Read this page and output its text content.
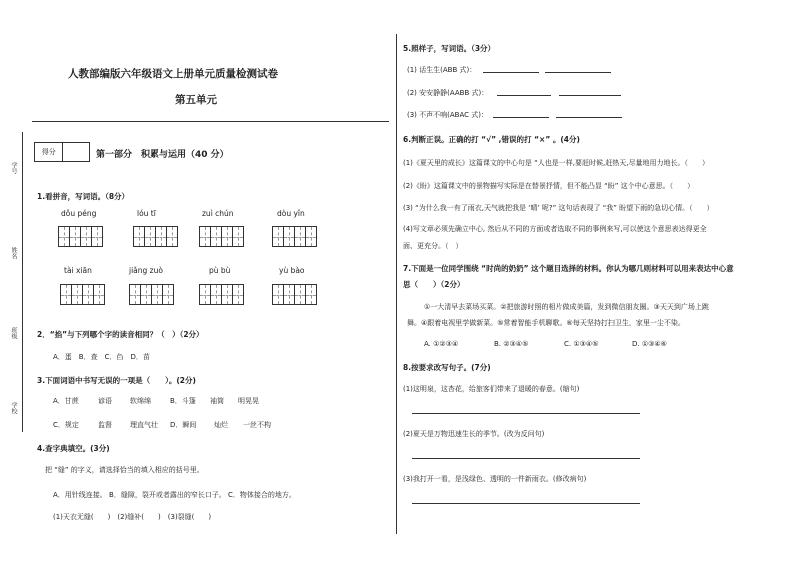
学号
姓名
班级
学校
人教部编版六年级语文上册单元质量检测试卷
第五单元
得分	第一部分　积累与运用（40 分）
1.看拼音，写词语。（8分）
dǒu péng	lóu tī	zuì chún	dòu yǐn
tài xiān	jiǎng zuò	pù bù	yù bào
2．“掐”与下列哪个字的读音相同？（　）（2分）
A．蛋　B．查　C．臽　D．苗
3.下面词语中书写无误的一项是（　　）。(2分)
A．甘蔗	谚语	软绵绵	B．斗篷 袖筒 明晃晃
C．规定	监督	理直气壮 D．瞬间	灿烂 一丝不构
4.查字典填空。(3分)
把 “缝” 的字义，请选择恰当的填入相应的括号里。
A．用针线连接。 B．缝隙，裂开或者露出的窄长口子。 C．物体接合的地方。
(1)天衣无缝(　　)　(2)缝补(　　)　(3)裂缝(　　)
5.照样子，写词语。（3分）
(1) 话生生(ABB 式)：
(2) 安安静静(AABB 式)：
(3) 不声不响(ABAC 式)：
6.判断正误。正确的打 “√” ,错误的打 “×” 。(4分)
(1)《夏天里的成长》这篇课文的中心句是 “人也是一样,要赶时候,赶热天,尽量地用力地长。（　　）
(2)《盼》这篇课文中的景物描写实际是在替景抒情，但不能凸显 “盼” 这个中心意思。（　　）
(3) “为什么我一有了雨衣,天气就把我是 ‘晴’ 呢?” 这句话表现了 “我” 盼望下雨的急切心情。（　　）
(4)写文章必须先确立中心, 然后从不同的方面或者选取不同的事例来写,可以使这个意思表达得更全
面、更充分。（　）
7.下面是一位同学围绕 “时尚的奶奶” 这个题目选择的材料。你认为哪几则材料可以用来表达中心意
思（　　）（2分）
①一大清早去菜场买菜。②把旅游时照的相片做成美篇，发到微信朋友圈。③天天到广场上跳
舞。④跟着电视里学做新菜。⑤常着智能手机聊歌。⑥每天坚持打扫卫生，家里一尘不染。
A. ①②③④	B. ②③④⑤	C. ①③④⑤	D. ①③④⑥
8.按要求改写句子。(7分)
(1)这明泉，这杏花，给旅客们带来了退暖的春意。(缩句)
(2)夏天是万物迅速生长的季节。(改为反问句)
(3)我打开一看，是浅绿色、透明的一件新雨衣。(修改病句)
